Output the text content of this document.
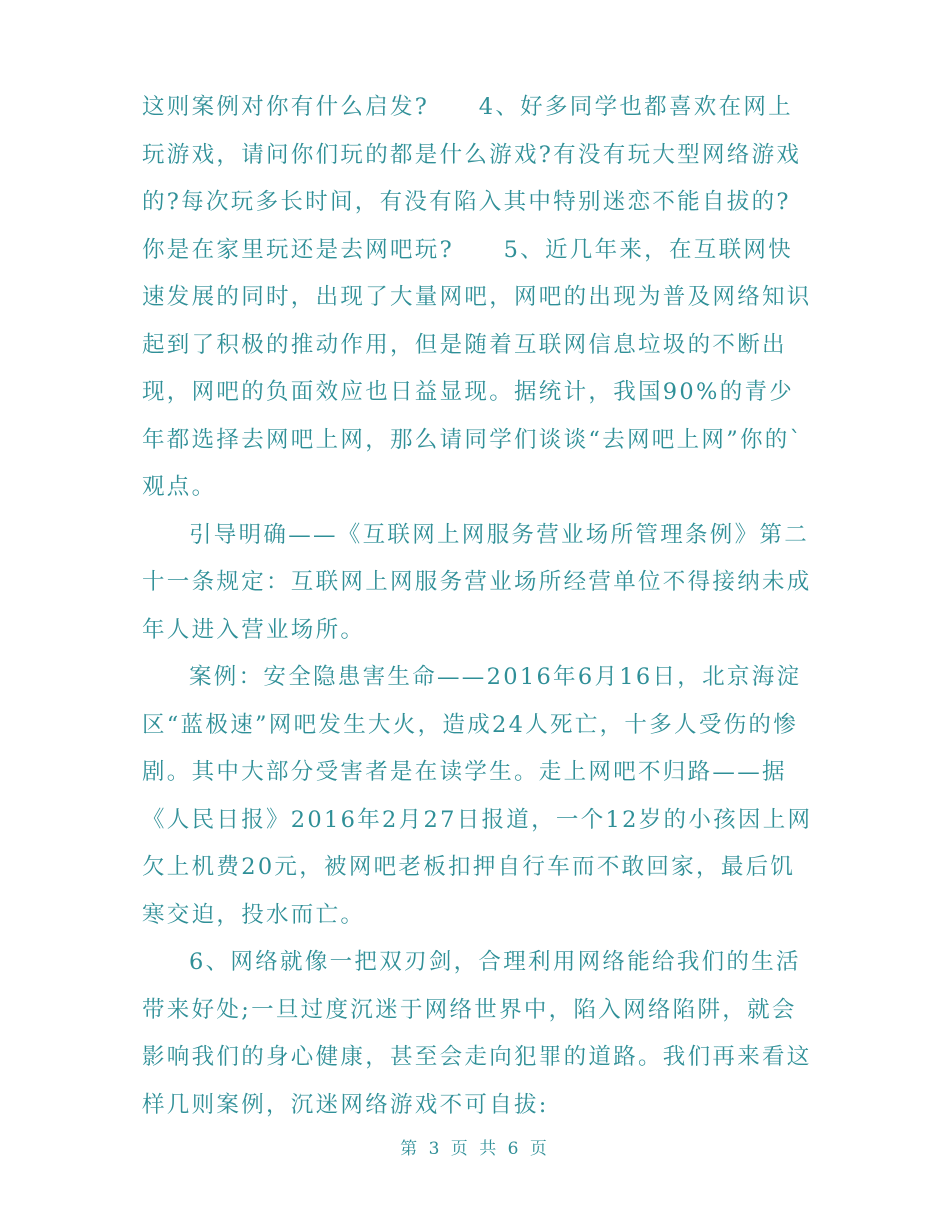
这则案例对你有什么启发?　　4、好多同学也都喜欢在网上玩游戏，请问你们玩的都是什么游戏?有没有玩大型网络游戏的?每次玩多长时间，有没有陷入其中特别迷恋不能自拔的?你是在家里玩还是去网吧玩?　　5、近几年来，在互联网快速发展的同时，出现了大量网吧，网吧的出现为普及网络知识起到了积极的推动作用，但是随着互联网信息垃圾的不断出现，网吧的负面效应也日益显现。据统计，我国90%的青少年都选择去网吧上网，那么请同学们谈谈“去网吧上网”你的`观点。

引导明确——《互联网上网服务营业场所管理条例》第二十一条规定：互联网上网服务营业场所经营单位不得接纳未成年人进入营业场所。

案例：安全隐患害生命——2016年6月16日，北京海淀区“蓝极速”网吧发生大火，造成24人死亡，十多人受伤的惨剧。其中大部分受害者是在读学生。走上网吧不归路——据《人民日报》2016年2月27日报道，一个12岁的小孩因上网欠上机费20元，被网吧老板扣押自行车而不敢回家，最后饥寒交迫，投水而亡。

6、网络就像一把双刃剑，合理利用网络能给我们的生活带来好处;一旦过度沉迷于网络世界中，陷入网络陷阱，就会影响我们的身心健康，甚至会走向犯罪的道路。我们再来看这样几则案例，沉迷网络游戏不可自拔:

第 3 页 共 6 页
